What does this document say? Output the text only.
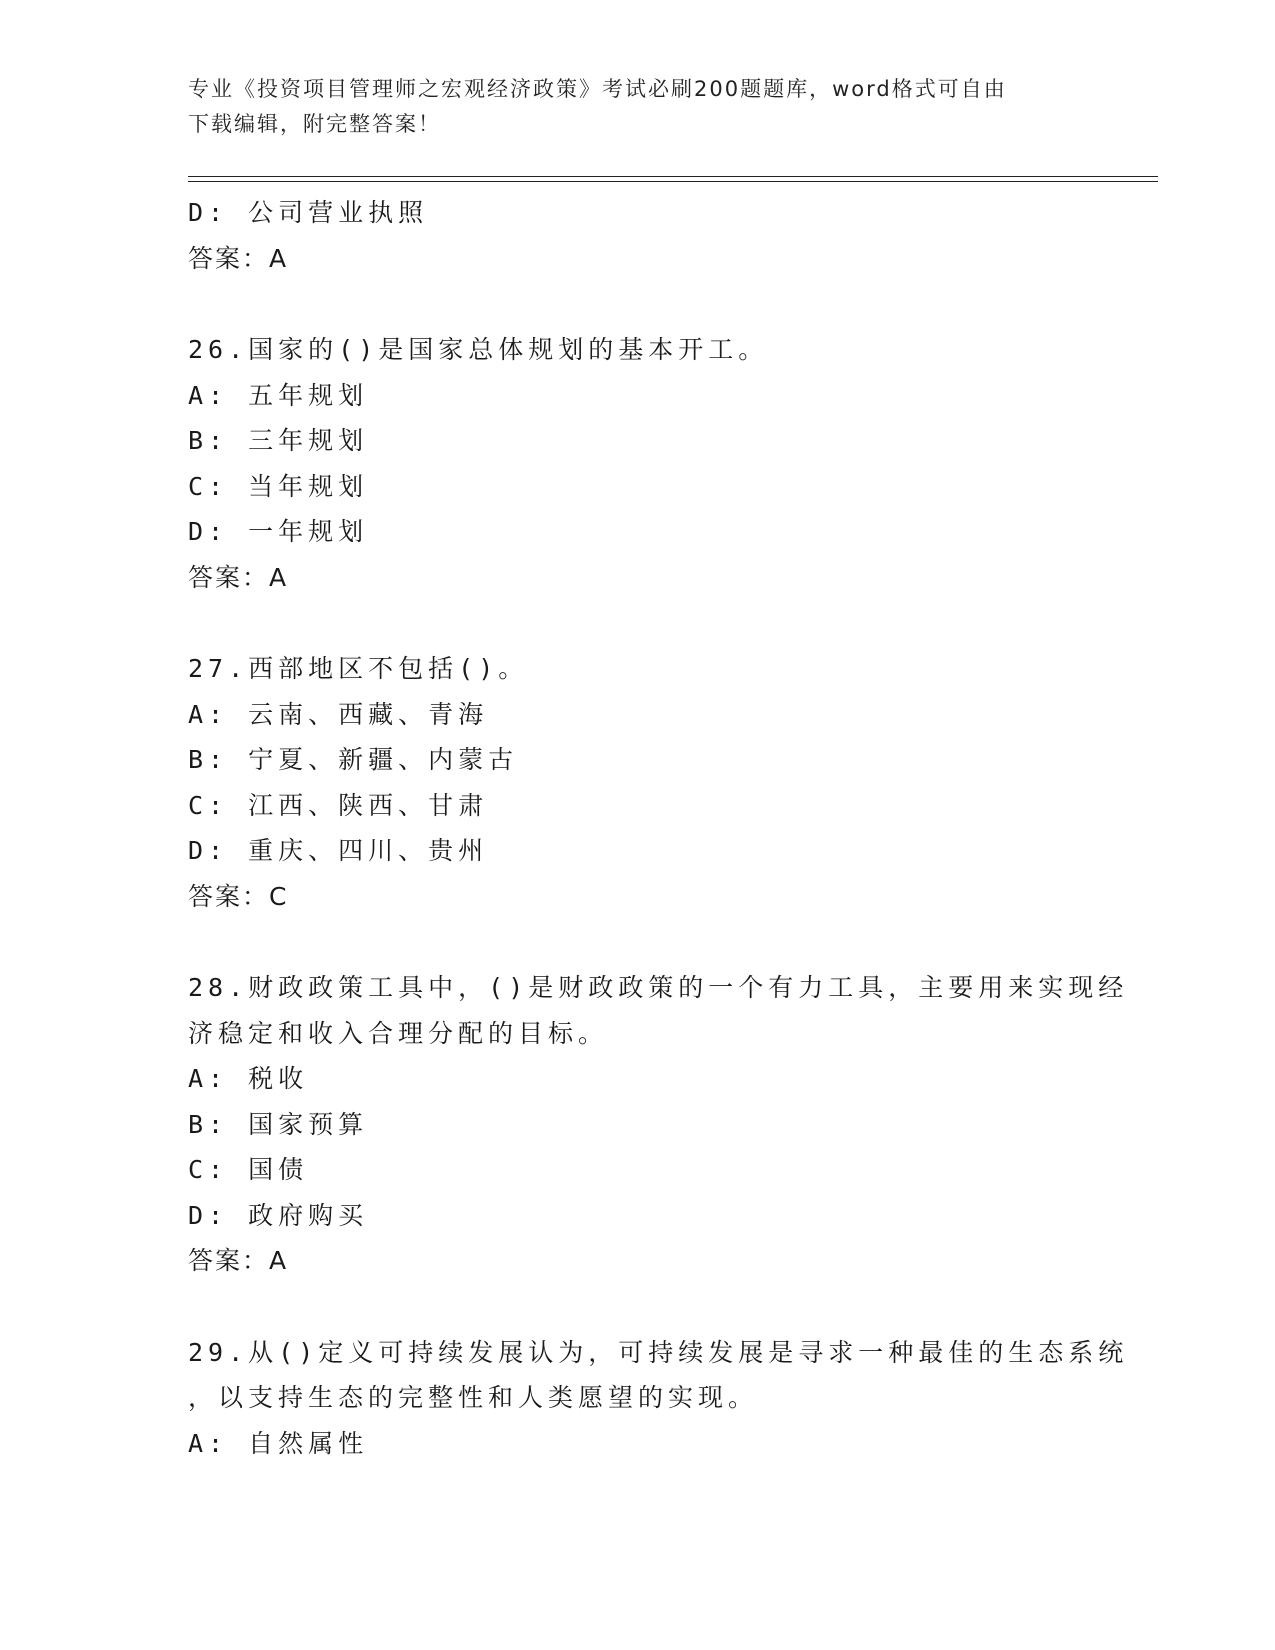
专业《投资项目管理师之宏观经济政策》考试必刷200题题库，word格式可自由
下载编辑，附完整答案！
D: 公司营业执照
答案：A
26.国家的()是国家总体规划的基本开工。
A: 五年规划
B: 三年规划
C: 当年规划
D: 一年规划
答案：A
27.西部地区不包括()。
A: 云南、西藏、青海
B: 宁夏、新疆、内蒙古
C: 江西、陕西、甘肃
D: 重庆、四川、贵州
答案：C
28.财政政策工具中，()是财政政策的一个有力工具，主要用来实现经
济稳定和收入合理分配的目标。
A: 税收
B: 国家预算
C: 国债
D: 政府购买
答案：A
29.从()定义可持续发展认为，可持续发展是寻求一种最佳的生态系统
，以支持生态的完整性和人类愿望的实现。
A: 自然属性
